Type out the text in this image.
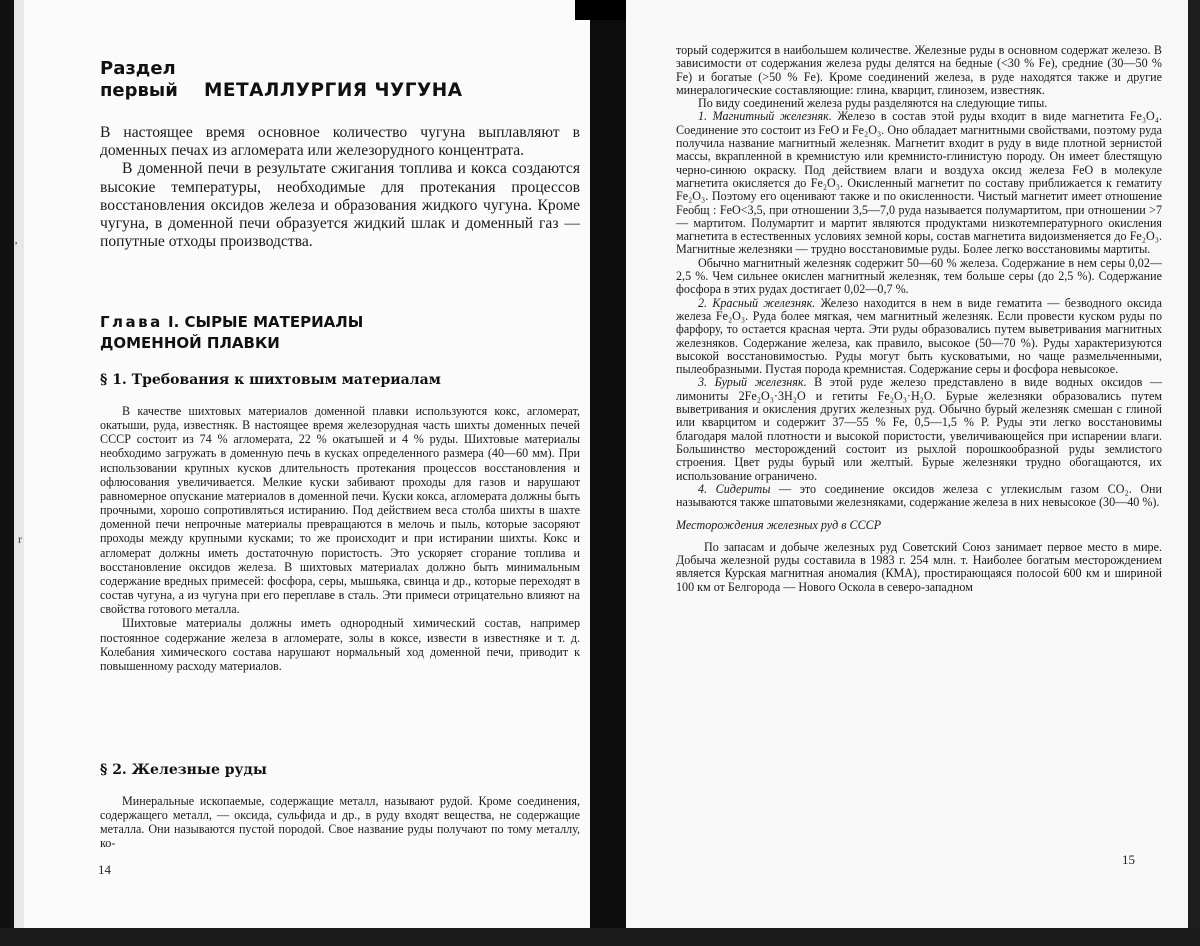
Раздел
первый МЕТАЛЛУРГИЯ ЧУГУНА

В настоящее время основное количество чугуна выплавляют в доменных печах из агломерата или железорудного концентрата.

В доменной печи в результате сжигания топлива и кокса создаются высокие температуры, необходимые для протекания процессов восстановления оксидов железа и образования жидкого чугуна. Кроме чугуна, в доменной печи образуется жидкий шлак и доменный газ — попутные отходы производства.

Глава I. СЫРЫЕ МАТЕРИАЛЫ
ДОМЕННОЙ ПЛАВКИ
§ 1. Требования к шихтовым материалам

В качестве шихтовых материалов доменной плавки используются кокс, агломерат, окатыши, руда, известняк. В настоящее время железорудная часть шихты доменных печей СССР состоит из 74 % агломерата, 22 % окатышей и 4 % руды. Шихтовые материалы необходимо загружать в доменную печь в кусках определенного размера (40—60 мм). При использовании крупных кусков длительность протекания процессов восстановления и офлюсования увеличивается. Мелкие куски забивают проходы для газов и нарушают равномерное опускание материалов в доменной печи. Куски кокса, агломерата должны быть прочными, хорошо сопротивляться истиранию. Под действием веса столба шихты в шахте доменной печи непрочные материалы превращаются в мелочь и пыль, которые засоряют проходы между крупными кусками; то же происходит и при истирании шихты. Кокс и агломерат должны иметь достаточную пористость. Это ускоряет сгорание топлива и восстановление оксидов железа. В шихтовых материалах должно быть минимальным содержание вредных примесей: фосфора, серы, мышьяка, свинца и др., которые переходят в состав чугуна, а из чугуна при его переплаве в сталь. Эти примеси отрицательно влияют на свойства готового металла.

Шихтовые материалы должны иметь однородный химический состав, например постоянное содержание железа в агломерате, золы в коксе, извести в известняке и т. д. Колебания химического состава нарушают нормальный ход доменной печи, приводит к повышенному расходу материалов.

§ 2. Железные руды

Минеральные ископаемые, содержащие металл, называют рудой. Кроме соединения, содержащего металл, — оксида, сульфида и др., в руду входят вещества, не содержащие металла. Они называются пустой породой. Свое название руды получают по тому металлу, ко-

14
‚
r

торый содержится в наибольшем количестве. Железные руды в основном содержат железо. В зависимости от содержания железа руды делятся на бедные (<30 % Fe), средние (30—50 % Fe) и богатые (>50 % Fe). Кроме соединений железа, в руде находятся также и другие минералогические составляющие: глина, кварцит, глинозем, известняк.

По виду соединений железа руды разделяются на следующие типы.

1. Магнитный железняк. Железо в состав этой руды входит в виде магнетита Fe₃O₄. Соединение это состоит из FeO и Fe₂O₃. Оно обладает магнитными свойствами, поэтому руда получила название магнитный железняк. Магнетит входит в руду в виде плотной зернистой массы, вкрапленной в кремнистую или кремнисто-глинистую породу. Он имеет блестящую черно-синюю окраску. Под действием влаги и воздуха оксид железа FeO в молекуле магнетита окисляется до Fe₂O₃. Окисленный магнетит по составу приближается к гематиту Fe₂O₃. Поэтому его оценивают также и по окисленности. Чистый магнетит имеет отношение Feобщ : FeO<3,5, при отношении 3,5—7,0 руда называется полумартитом, при отношении >7 — мартитом. Полумартит и мартит являются продуктами низкотемпературного окисления магнетита в естественных условиях земной коры, состав магнетита видоизменяется до Fe₂O₃. Магнитные железняки — трудно восстановимые руды. Более легко восстановимы мартиты.

Обычно магнитный железняк содержит 50—60 % железа. Содержание в нем серы 0,02—2,5 %. Чем сильнее окислен магнитный железняк, тем больше серы (до 2,5 %). Содержание фосфора в этих рудах достигает 0,02—0,7 %.

2. Красный железняк. Железо находится в нем в виде гематита — безводного оксида железа Fe₂O₃. Руда более мягкая, чем магнитный железняк. Если провести куском руды по фарфору, то остается красная черта. Эти руды образовались путем выветривания магнитных железняков. Содержание железа, как правило, высокое (50—70 %). Руды характеризуются высокой восстановимостью. Руды могут быть кусковатыми, но чаще размельченными, пылеобразными. Пустая порода кремнистая. Содержание серы и фосфора невысокое.

3. Бурый железняк. В этой руде железо представлено в виде водных оксидов — лимониты 2Fe₂O₃·3H₂O и гетиты Fe₂O₃·H₂O. Бурые железняки образовались путем выветривания и окисления других железных руд. Обычно бурый железняк смешан с глиной или кварцитом и содержит 37—55 % Fe, 0,5—1,5 % P. Руды эти легко восстановимы благодаря малой плотности и высокой пористости, увеличивающейся при испарении влаги. Большинство месторождений состоит из рыхлой порошкообразной руды землистого строения. Цвет руды бурый или желтый. Бурые железняки трудно обогащаются, их использование ограничено.

4. Сидериты — это соединение оксидов железа с углекислым газом CO₂. Они называются также шпатовыми железняками, содержание железа в них невысокое (30—40 %).

Месторождения железных руд в СССР

По запасам и добыче железных руд Советский Союз занимает первое место в мире. Добыча железной руды составила в 1983 г. 254 млн. т. Наиболее богатым месторождением является Курская магнитная аномалия (КМА), простирающаяся полосой 600 км и шириной 100 км от Белгорода — Нового Оскола в северо-западном

15
